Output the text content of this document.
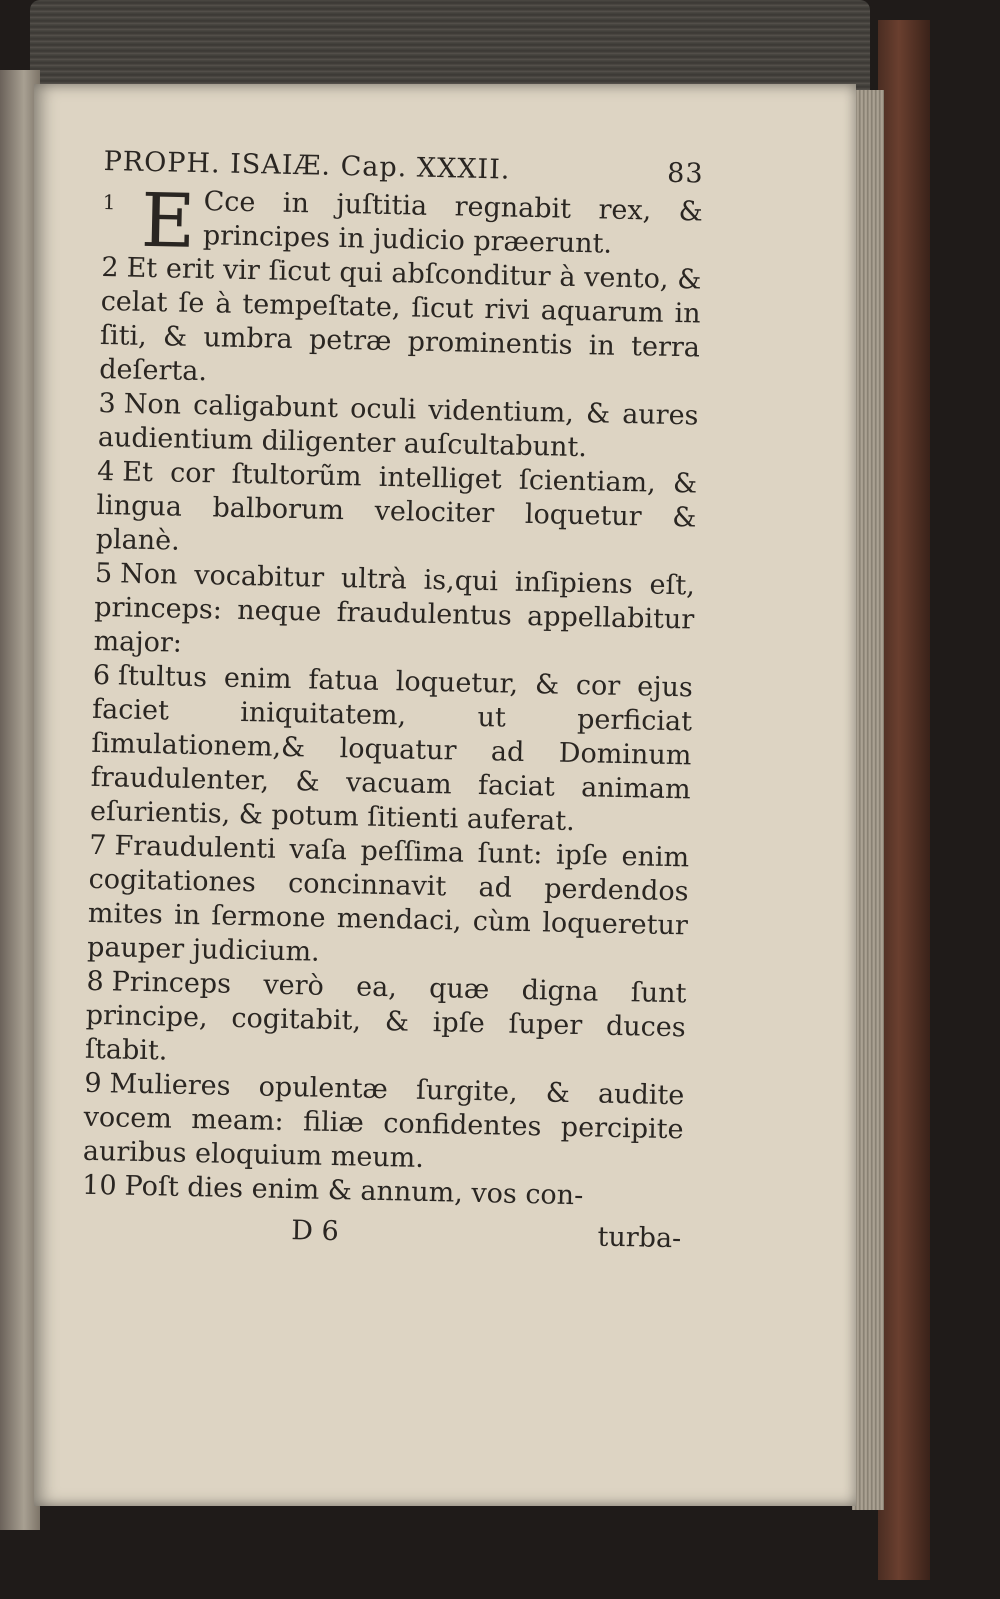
PROPH. ISAIÆ. Cap. XXXII.	83

1 E Cce in juſtitia regnabit rex, & principes in judicio præerunt.

2 Et erit vir ſicut qui abſconditur à vento, & celat ſe à tempeſtate, ſicut rivi aquarum in ſiti, & umbra petræ prominentis in terra deſerta.

3 Non caligabunt oculi videntium, & aures audientium diligenter auſcultabunt.

4 Et cor ſtultorũm intelliget ſcientiam, & lingua balborum velociter loquetur & planè.

5 Non vocabitur ultrà is,qui inſipiens eſt, princeps: neque fraudulentus appellabitur major:

6 ſtultus enim fatua loquetur, & cor ejus faciet iniquitatem, ut perficiat ſimulationem,& loquatur ad Dominum fraudulenter, & vacuam faciat animam eſurientis, & potum ſitienti auferat.

7 Fraudulenti vaſa peſſima ſunt: ipſe enim cogitationes concinnavit ad perdendos mites in ſermone mendaci, cùm loqueretur pauper judicium.

8 Princeps verò ea, quæ digna ſunt principe, cogitabit, & ipſe ſuper duces ſtabit.

9 Mulieres opulentæ ſurgite, & audite vocem meam: filiæ confidentes percipite auribus eloquium meum.

10 Poſt dies enim & annum, vos con-

D 6	turba-
